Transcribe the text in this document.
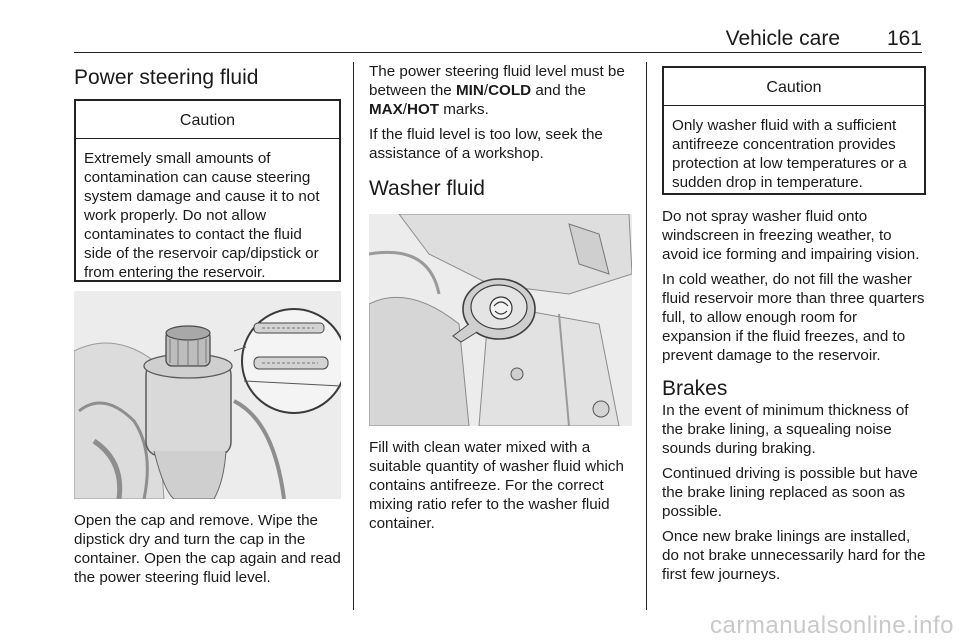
Vehicle care 161
Power steering fluid
Caution
Extremely small amounts of contamination can cause steering system damage and cause it to not work properly. Do not allow contaminates to contact the fluid side of the reservoir cap/dipstick or from entering the reservoir.

Open the cap and remove. Wipe the dipstick dry and turn the cap in the container. Open the cap again and read the power steering fluid level.

The power steering fluid level must be between the MIN/COLD and the MAX/HOT marks.

If the fluid level is too low, seek the assistance of a workshop.

Washer fluid

Fill with clean water mixed with a suitable quantity of washer fluid which contains antifreeze. For the correct mixing ratio refer to the washer fluid container.

Caution
Only washer fluid with a sufficient antifreeze concentration provides protection at low temperatures or a sudden drop in temperature.

Do not spray washer fluid onto windscreen in freezing weather, to avoid ice forming and impairing vision.

In cold weather, do not fill the washer fluid reservoir more than three quarters full, to allow enough room for expansion if the fluid freezes, and to prevent damage to the reservoir.

Brakes

In the event of minimum thickness of the brake lining, a squealing noise sounds during braking.

Continued driving is possible but have the brake lining replaced as soon as possible.

Once new brake linings are installed, do not brake unnecessarily hard for the first few journeys.

carmanualsonline.info
